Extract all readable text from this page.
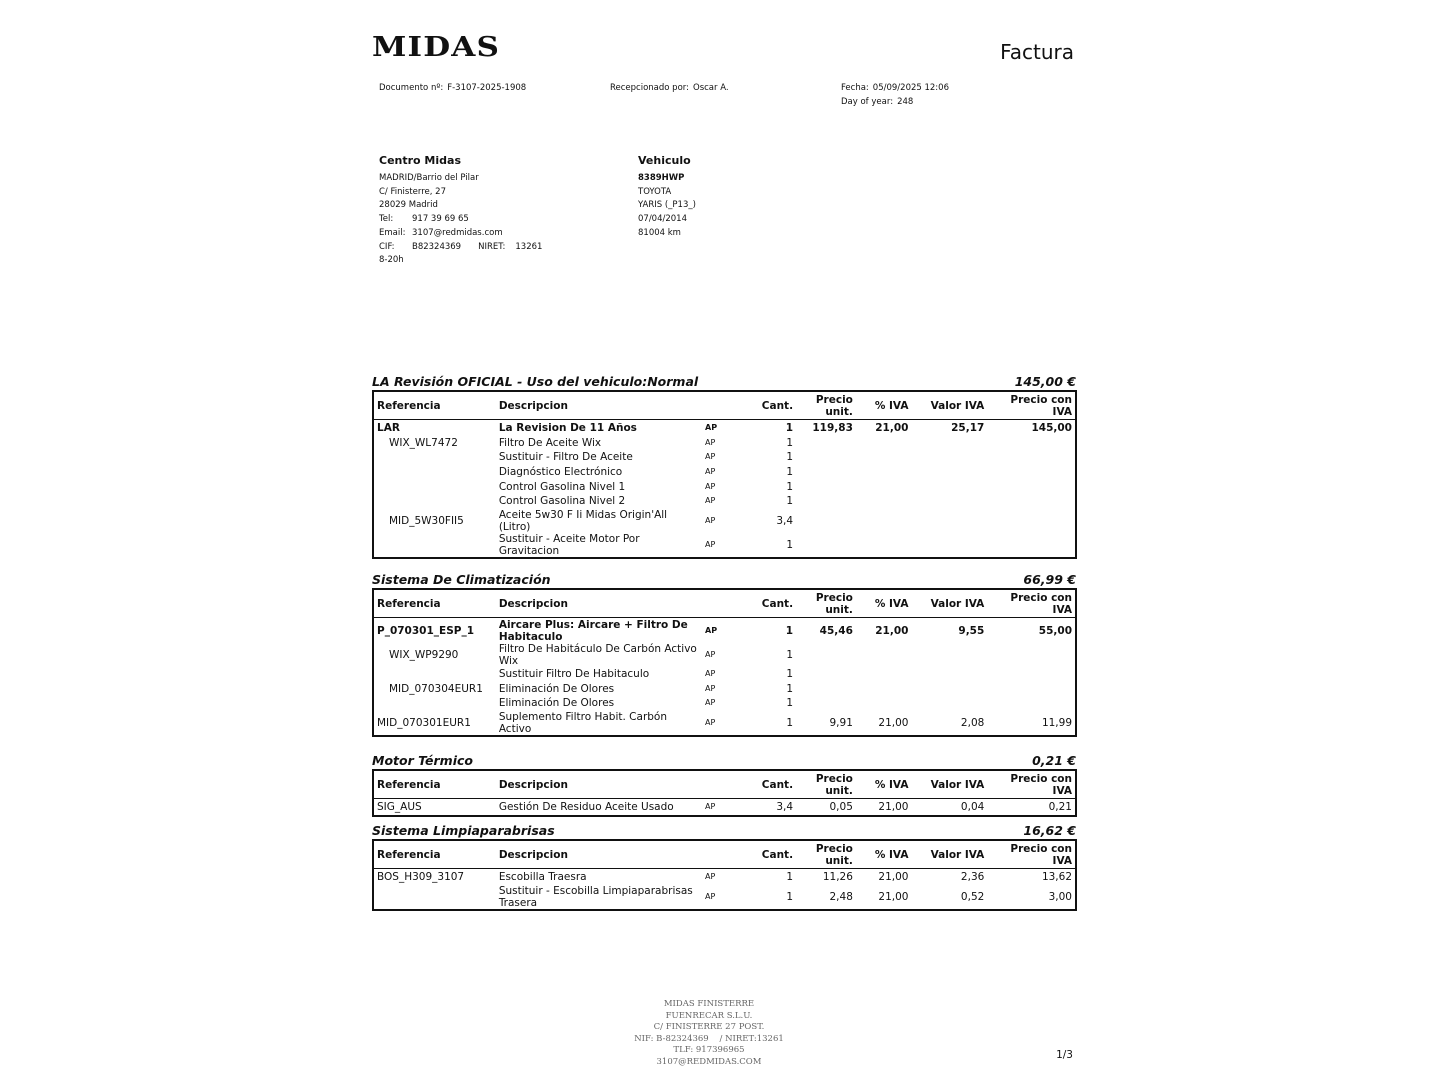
MIDAS	Factura
Documento nº: F-3107-2025-1908	Recepcionado por: Oscar A.	Fecha: 05/09/2025 12:06
Day of year: 248
Centro Midas
MADRID/Barrio del Pilar
C/ Finisterre, 27
28029 Madrid
Tel: 917 39 69 65
Email: 3107@redmidas.com
CIF: B82324369 NIRET: 13261
8-20h
Vehiculo
8389HWP
TOYOTA
YARIS (_P13_)
07/04/2014
81004 km
LA Revisión OFICIAL - Uso del vehiculo:Normal	145,00 €
Referencia	Descripcion		Cant.	Precio unit.	% IVA	Valor IVA	Precio con IVA
LAR	La Revision De 11 Años	AP	1	119,83	21,00	25,17	145,00
WIX_WL7472	Filtro De Aceite Wix	AP	1				
	Sustituir - Filtro De Aceite	AP	1				
	Diagnóstico Electrónico	AP	1				
	Control Gasolina Nivel 1	AP	1				
	Control Gasolina Nivel 2	AP	1				
MID_5W30FII5	Aceite 5w30 F Ii Midas Origin'All (Litro)	AP	3,4				
	Sustituir - Aceite Motor Por Gravitacion	AP	1				
Sistema De Climatización	66,99 €
Referencia	Descripcion		Cant.	Precio unit.	% IVA	Valor IVA	Precio con IVA
P_070301_ESP_1	Aircare Plus: Aircare + Filtro De Habitaculo	AP	1	45,46	21,00	9,55	55,00
WIX_WP9290	Filtro De Habitáculo De Carbón Activo Wix	AP	1				
	Sustituir Filtro De Habitaculo	AP	1				
MID_070304EUR1	Eliminación De Olores	AP	1				
	Eliminación De Olores	AP	1				
MID_070301EUR1	Suplemento Filtro Habit. Carbón Activo	AP	1	9,91	21,00	2,08	11,99
Motor Térmico	0,21 €
Referencia	Descripcion		Cant.	Precio unit.	% IVA	Valor IVA	Precio con IVA
SIG_AUS	Gestión De Residuo Aceite Usado	AP	3,4	0,05	21,00	0,04	0,21
Sistema Limpiaparabrisas	16,62 €
Referencia	Descripcion		Cant.	Precio unit.	% IVA	Valor IVA	Precio con IVA
BOS_H309_3107	Escobilla Traesra	AP	1	11,26	21,00	2,36	13,62
	Sustituir - Escobilla Limpiaparabrisas Trasera	AP	1	2,48	21,00	0,52	3,00
MIDAS FINISTERRE
FUENRECAR S.L.U.
C/ FINISTERRE 27 POST.
NIF: B-82324369    / NIRET:13261
TLF: 917396965
3107@REDMIDAS.COM
1/3
